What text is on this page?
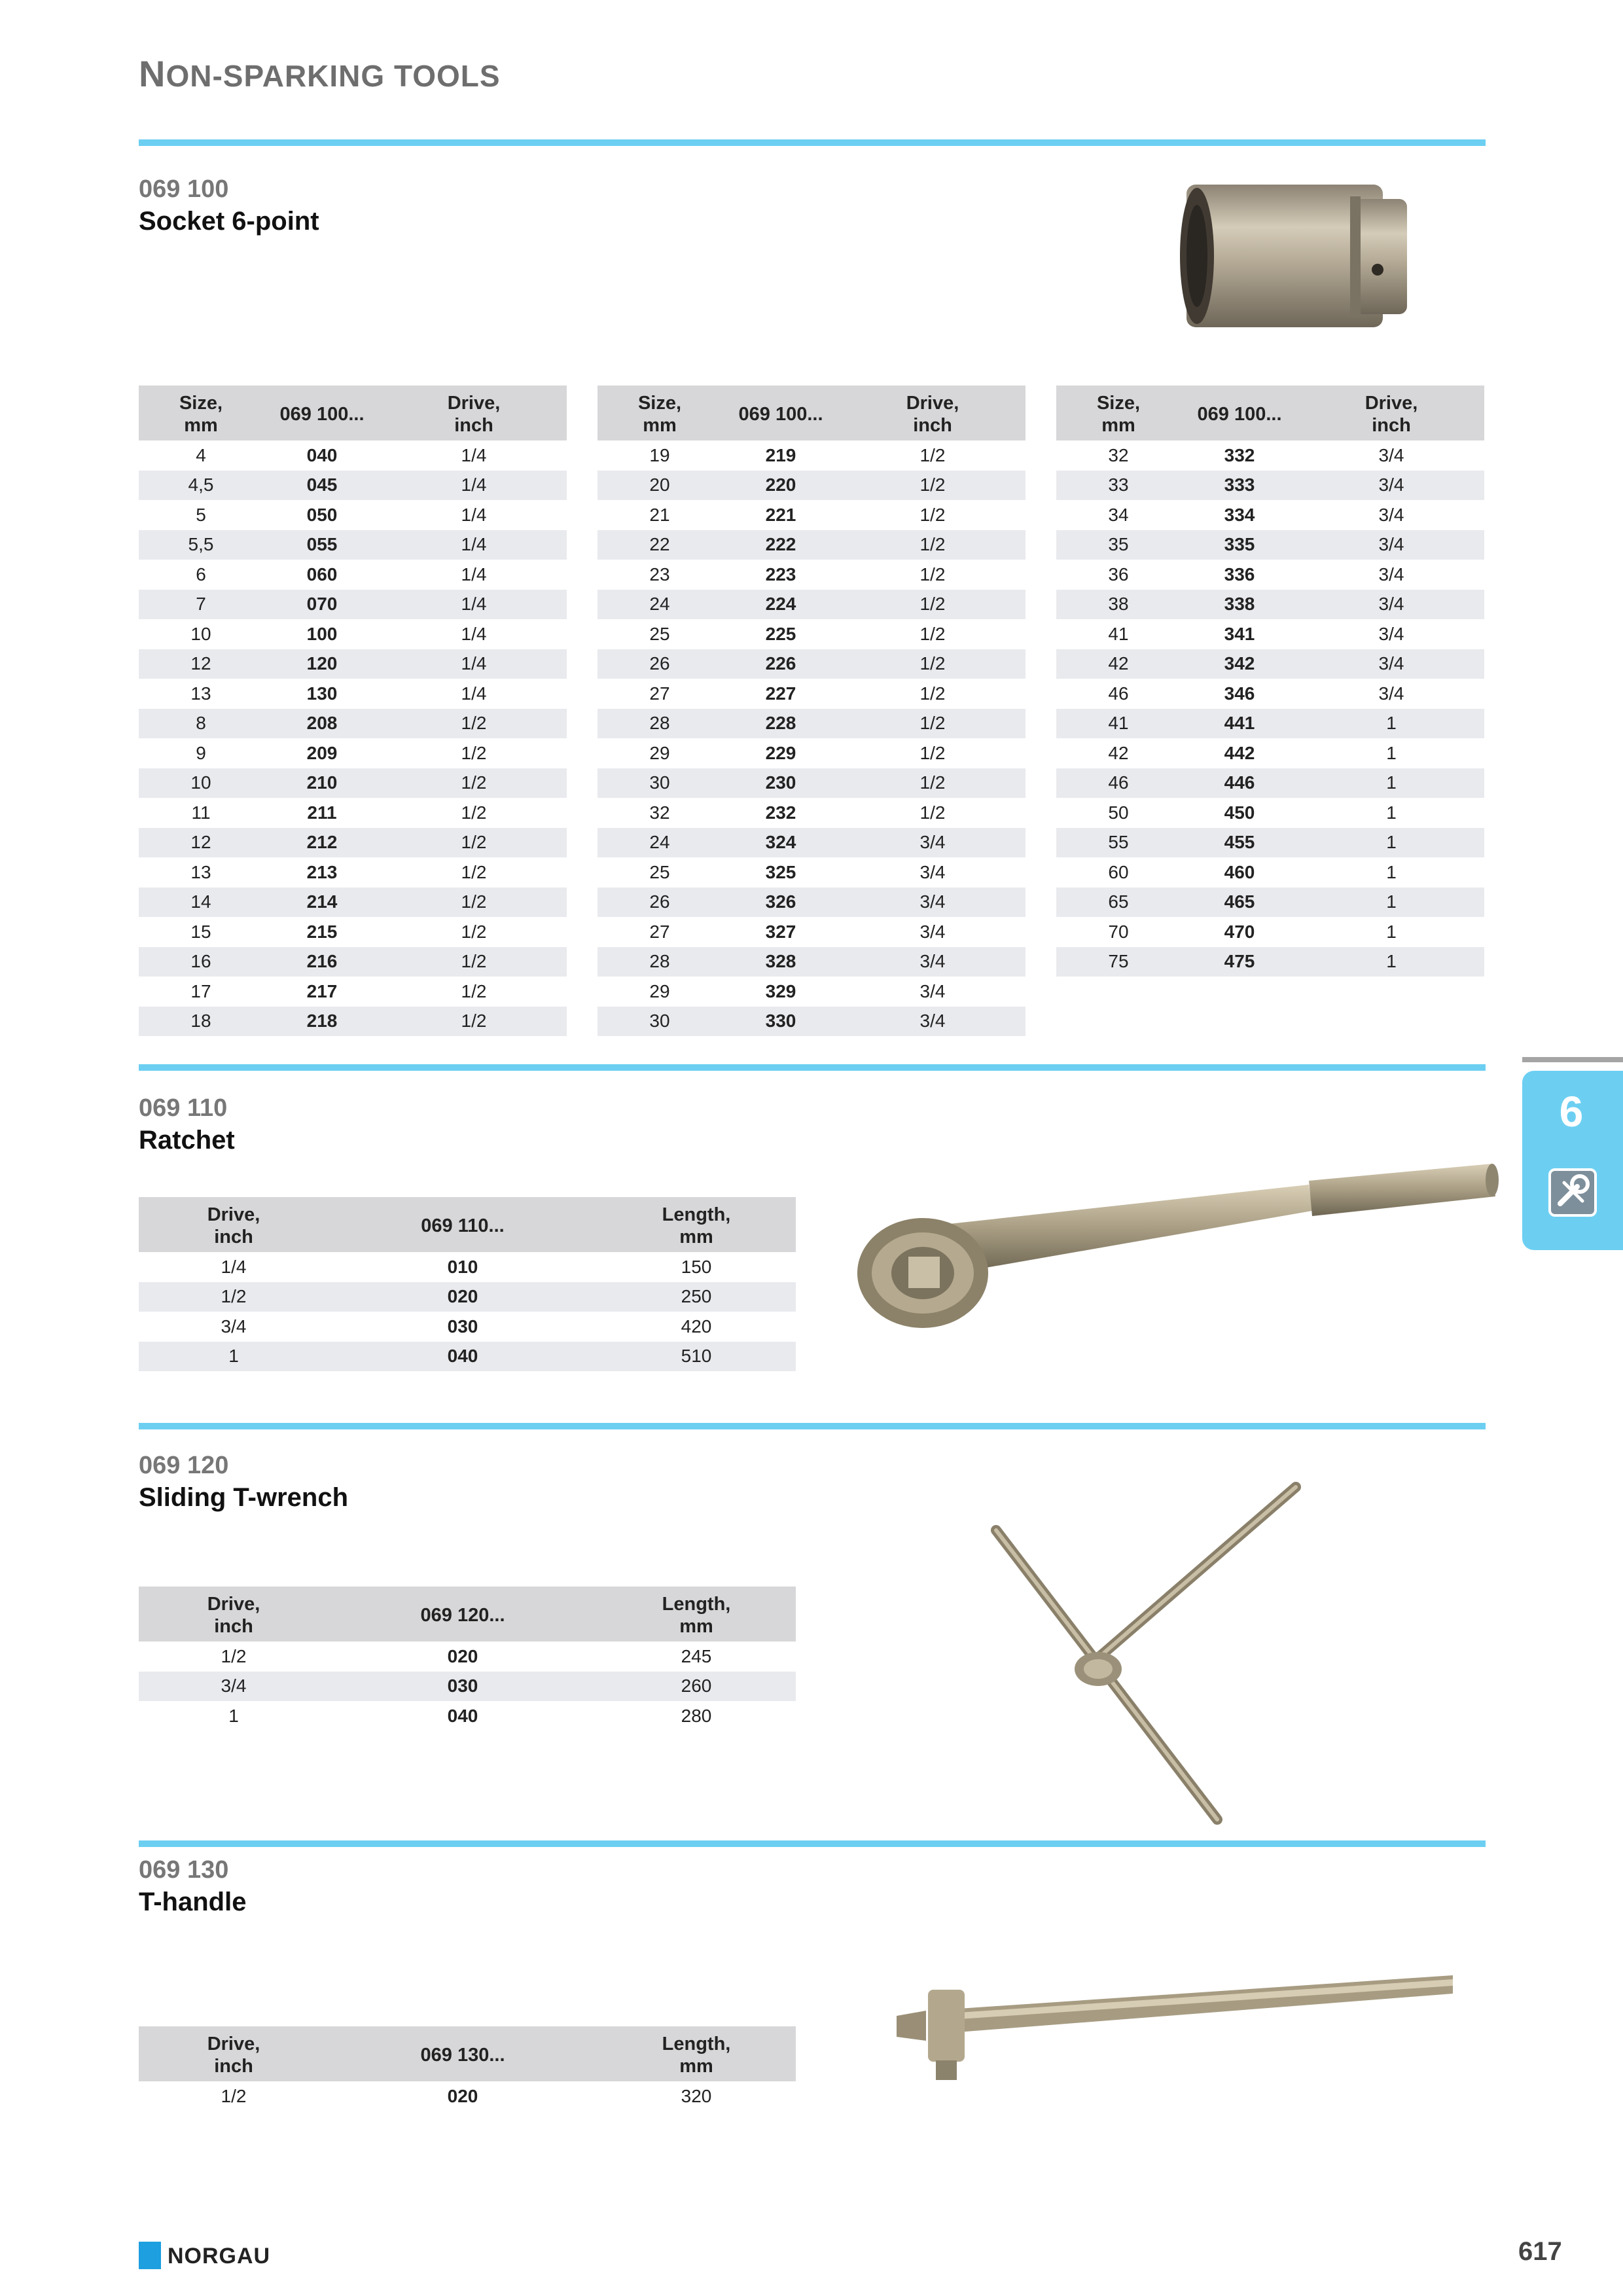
NON-SPARKING TOOLS
069 100
Socket 6-point
Size,
mm	069 100...	Drive,
inch
4	040	1/4
4,5	045	1/4
5	050	1/4
5,5	055	1/4
6	060	1/4
7	070	1/4
10	100	1/4
12	120	1/4
13	130	1/4
8	208	1/2
9	209	1/2
10	210	1/2
11	211	1/2
12	212	1/2
13	213	1/2
14	214	1/2
15	215	1/2
16	216	1/2
17	217	1/2
18	218	1/2
Size,
mm	069 100...	Drive,
inch
19	219	1/2
20	220	1/2
21	221	1/2
22	222	1/2
23	223	1/2
24	224	1/2
25	225	1/2
26	226	1/2
27	227	1/2
28	228	1/2
29	229	1/2
30	230	1/2
32	232	1/2
24	324	3/4
25	325	3/4
26	326	3/4
27	327	3/4
28	328	3/4
29	329	3/4
30	330	3/4
Size,
mm	069 100...	Drive,
inch
32	332	3/4
33	333	3/4
34	334	3/4
35	335	3/4
36	336	3/4
38	338	3/4
41	341	3/4
42	342	3/4
46	346	3/4
41	441	1
42	442	1
46	446	1
50	450	1
55	455	1
60	460	1
65	465	1
70	470	1
75	475	1
069 110
Ratchet
Drive,
inch	069 110...	Length,
mm
1/4	010	150
1/2	020	250
3/4	030	420
1	040	510
069 120
Sliding T-wrench
Drive,
inch	069 120...	Length,
mm
1/2	020	245
3/4	030	260
1	040	280
069 130
T-handle
Drive,
inch	069 130...	Length,
mm
1/2	020	320
6
NORGAU	617
